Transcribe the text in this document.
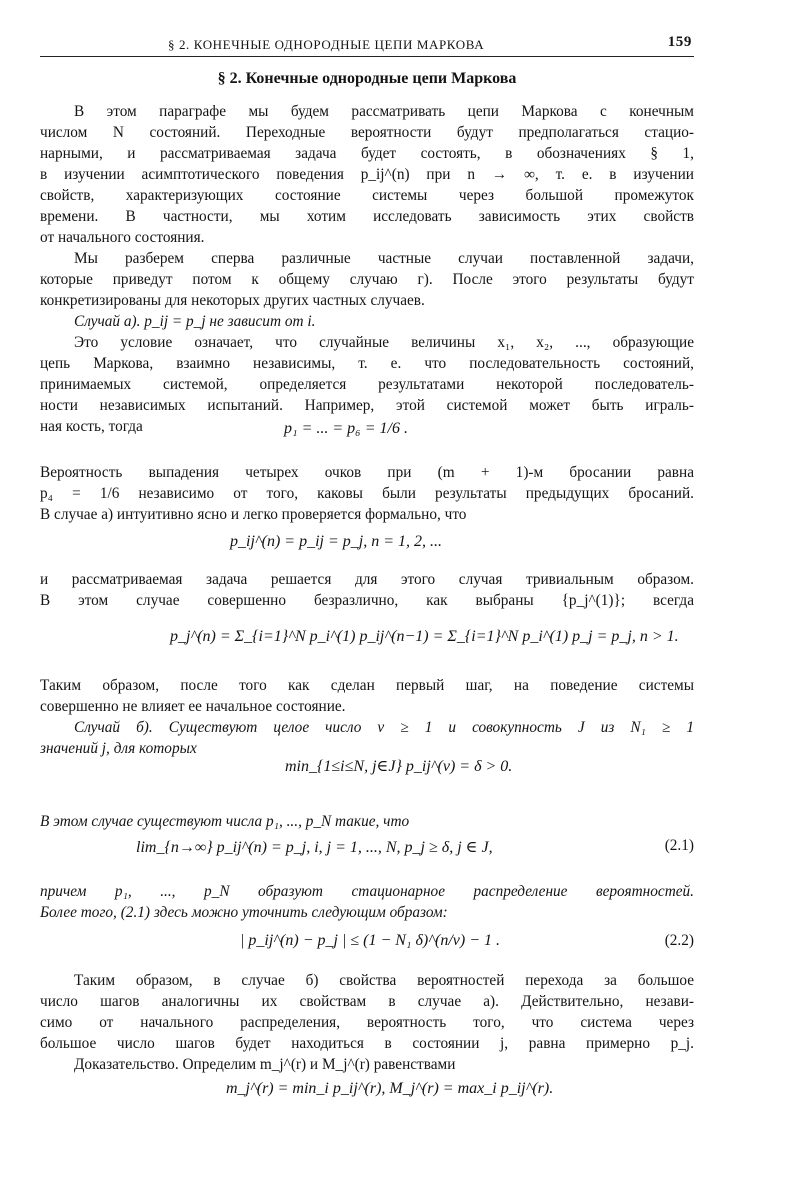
§ 2. КОНЕЧНЫЕ ОДНОРОДНЫЕ ЦЕПИ МАРКОВА	159
§ 2. Конечные однородные цепи Маркова
В этом параграфе мы будем рассматривать цепи Маркова с конечным
числом N состояний. Переходные вероятности будут предполагаться стацио-
нарными, и рассматриваемая задача будет состоять, в обозначениях § 1,
в изучении асимптотического поведения p_ij^(n) при n → ∞, т. е. в изучении
свойств, характеризующих состояние системы через большой промежуток
времени. В частности, мы хотим исследовать зависимость этих свойств
от начального состояния.
Мы разберем сперва различные частные случаи поставленной задачи,
которые приведут потом к общему случаю г). После этого результаты будут
конкретизированы для некоторых других частных случаев.
Случай а). p_ij = p_j не зависит от i.
Это условие означает, что случайные величины x₁, x₂, ..., образующие
цепь Маркова, взаимно независимы, т. е. что последовательность состояний,
принимаемых системой, определяется результатами некоторой последователь-
ности независимых испытаний. Например, этой системой может быть играль-
ная кость, тогда	p₁ = ... = p₆ = 1/6 .
Вероятность выпадения четырех очков при (m + 1)-м бросании равна
p₄ = 1/6 независимо от того, каковы были результаты предыдущих бросаний.
В случае а) интуитивно ясно и легко проверяется формально, что
p_ij^(n) = p_ij = p_j, n = 1, 2, ...
и рассматриваемая задача решается для этого случая тривиальным образом.
В этом случае совершенно безразлично, как выбраны {p_j^(1)}; всегда
p_j^(n) = Σ_{i=1}^N p_i^(1) p_ij^(n−1) = Σ_{i=1}^N p_i^(1) p_j = p_j, n > 1.
Таким образом, после того как сделан первый шаг, на поведение системы
совершенно не влияет ее начальное состояние.
Случай б). Существуют целое число ν ≥ 1 и совокупность J из N₁ ≥ 1
значений j, для которых
min_{1≤i≤N, j∈J} p_ij^(ν) = δ > 0.
В этом случае существуют числа p₁, ..., p_N такие, что
lim_{n→∞} p_ij^(n) = p_j, i, j = 1, ..., N, p_j ≥ δ, j ∈ J,	(2.1)
причем p₁, ..., p_N образуют стационарное распределение вероятностей.
Более того, (2.1) здесь можно уточнить следующим образом:
| p_ij^(n) − p_j | ≤ (1 − N₁ δ)^(n/ν) − 1 .	(2.2)
Таким образом, в случае б) свойства вероятностей перехода за большое
число шагов аналогичны их свойствам в случае а). Действительно, незави-
симо от начального распределения, вероятность того, что система через
большое число шагов будет находиться в состоянии j, равна примерно p_j.
Доказательство. Определим m_j^(r) и M_j^(r) равенствами
m_j^(r) = min_i p_ij^(r), M_j^(r) = max_i p_ij^(r).
